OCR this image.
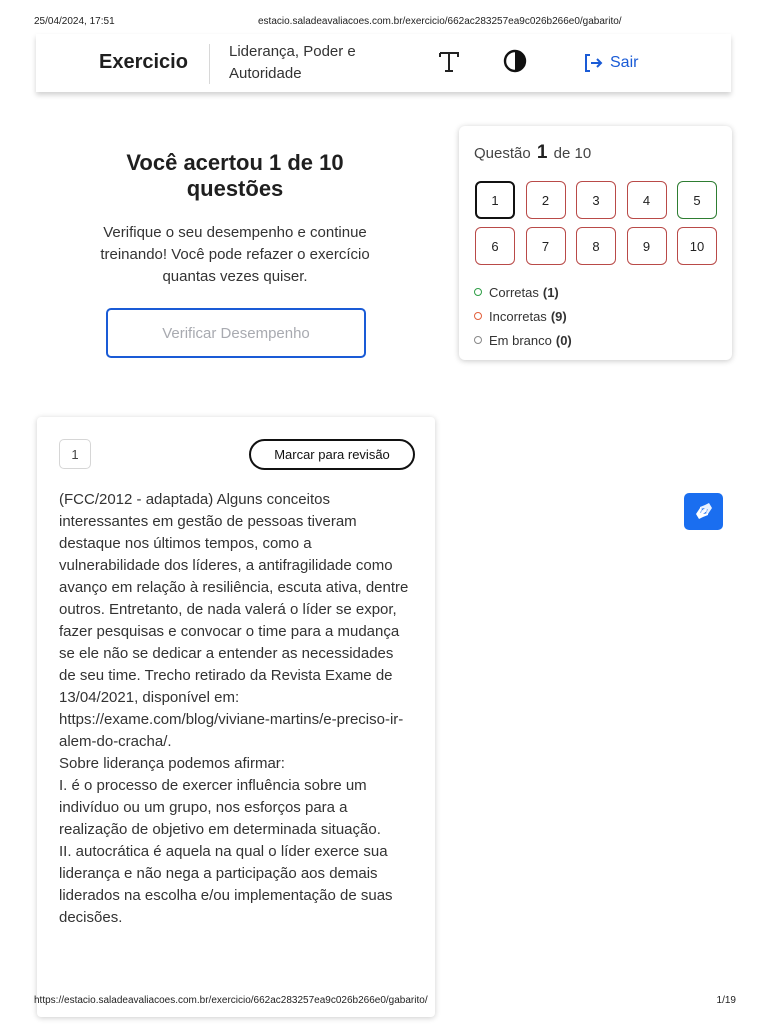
25/04/2024, 17:51	estacio.saladeavaliacoes.com.br/exercicio/662ac283257ea9c026b266e0/gabarito/
Exercicio	Liderança, Poder e Autoridade
Sair
Você acertou 1 de 10 questões
Verifique o seu desempenho e continue treinando! Você pode refazer o exercício quantas vezes quiser.
Verificar Desempenho
Questão 1 de 10
1	2	3	4	5
6	7	8	9	10
Corretas (1)
Incorretas (9)
Em branco (0)
1	Marcar para revisão

(FCC/2012 - adaptada) Alguns conceitos interessantes em gestão de pessoas tiveram destaque nos últimos tempos, como a vulnerabilidade dos líderes, a antifragilidade como avanço em relação à resiliência, escuta ativa, dentre outros. Entretanto, de nada valerá o líder se expor, fazer pesquisas e convocar o time para a mudança se ele não se dedicar a entender as necessidades de seu time. Trecho retirado da Revista Exame de 13/04/2021, disponível em: https://exame.com/blog/viviane-martins/e-preciso-ir-alem-do-cracha/.

Sobre liderança podemos afirmar:

I. é o processo de exercer influência sobre um indivíduo ou um grupo, nos esforços para a realização de objetivo em determinada situação.

II. autocrática é aquela na qual o líder exerce sua liderança e não nega a participação aos demais liderados na escolha e/ou implementação de suas decisões.

https://estacio.saladeavaliacoes.com.br/exercicio/662ac283257ea9c026b266e0/gabarito/	1/19
